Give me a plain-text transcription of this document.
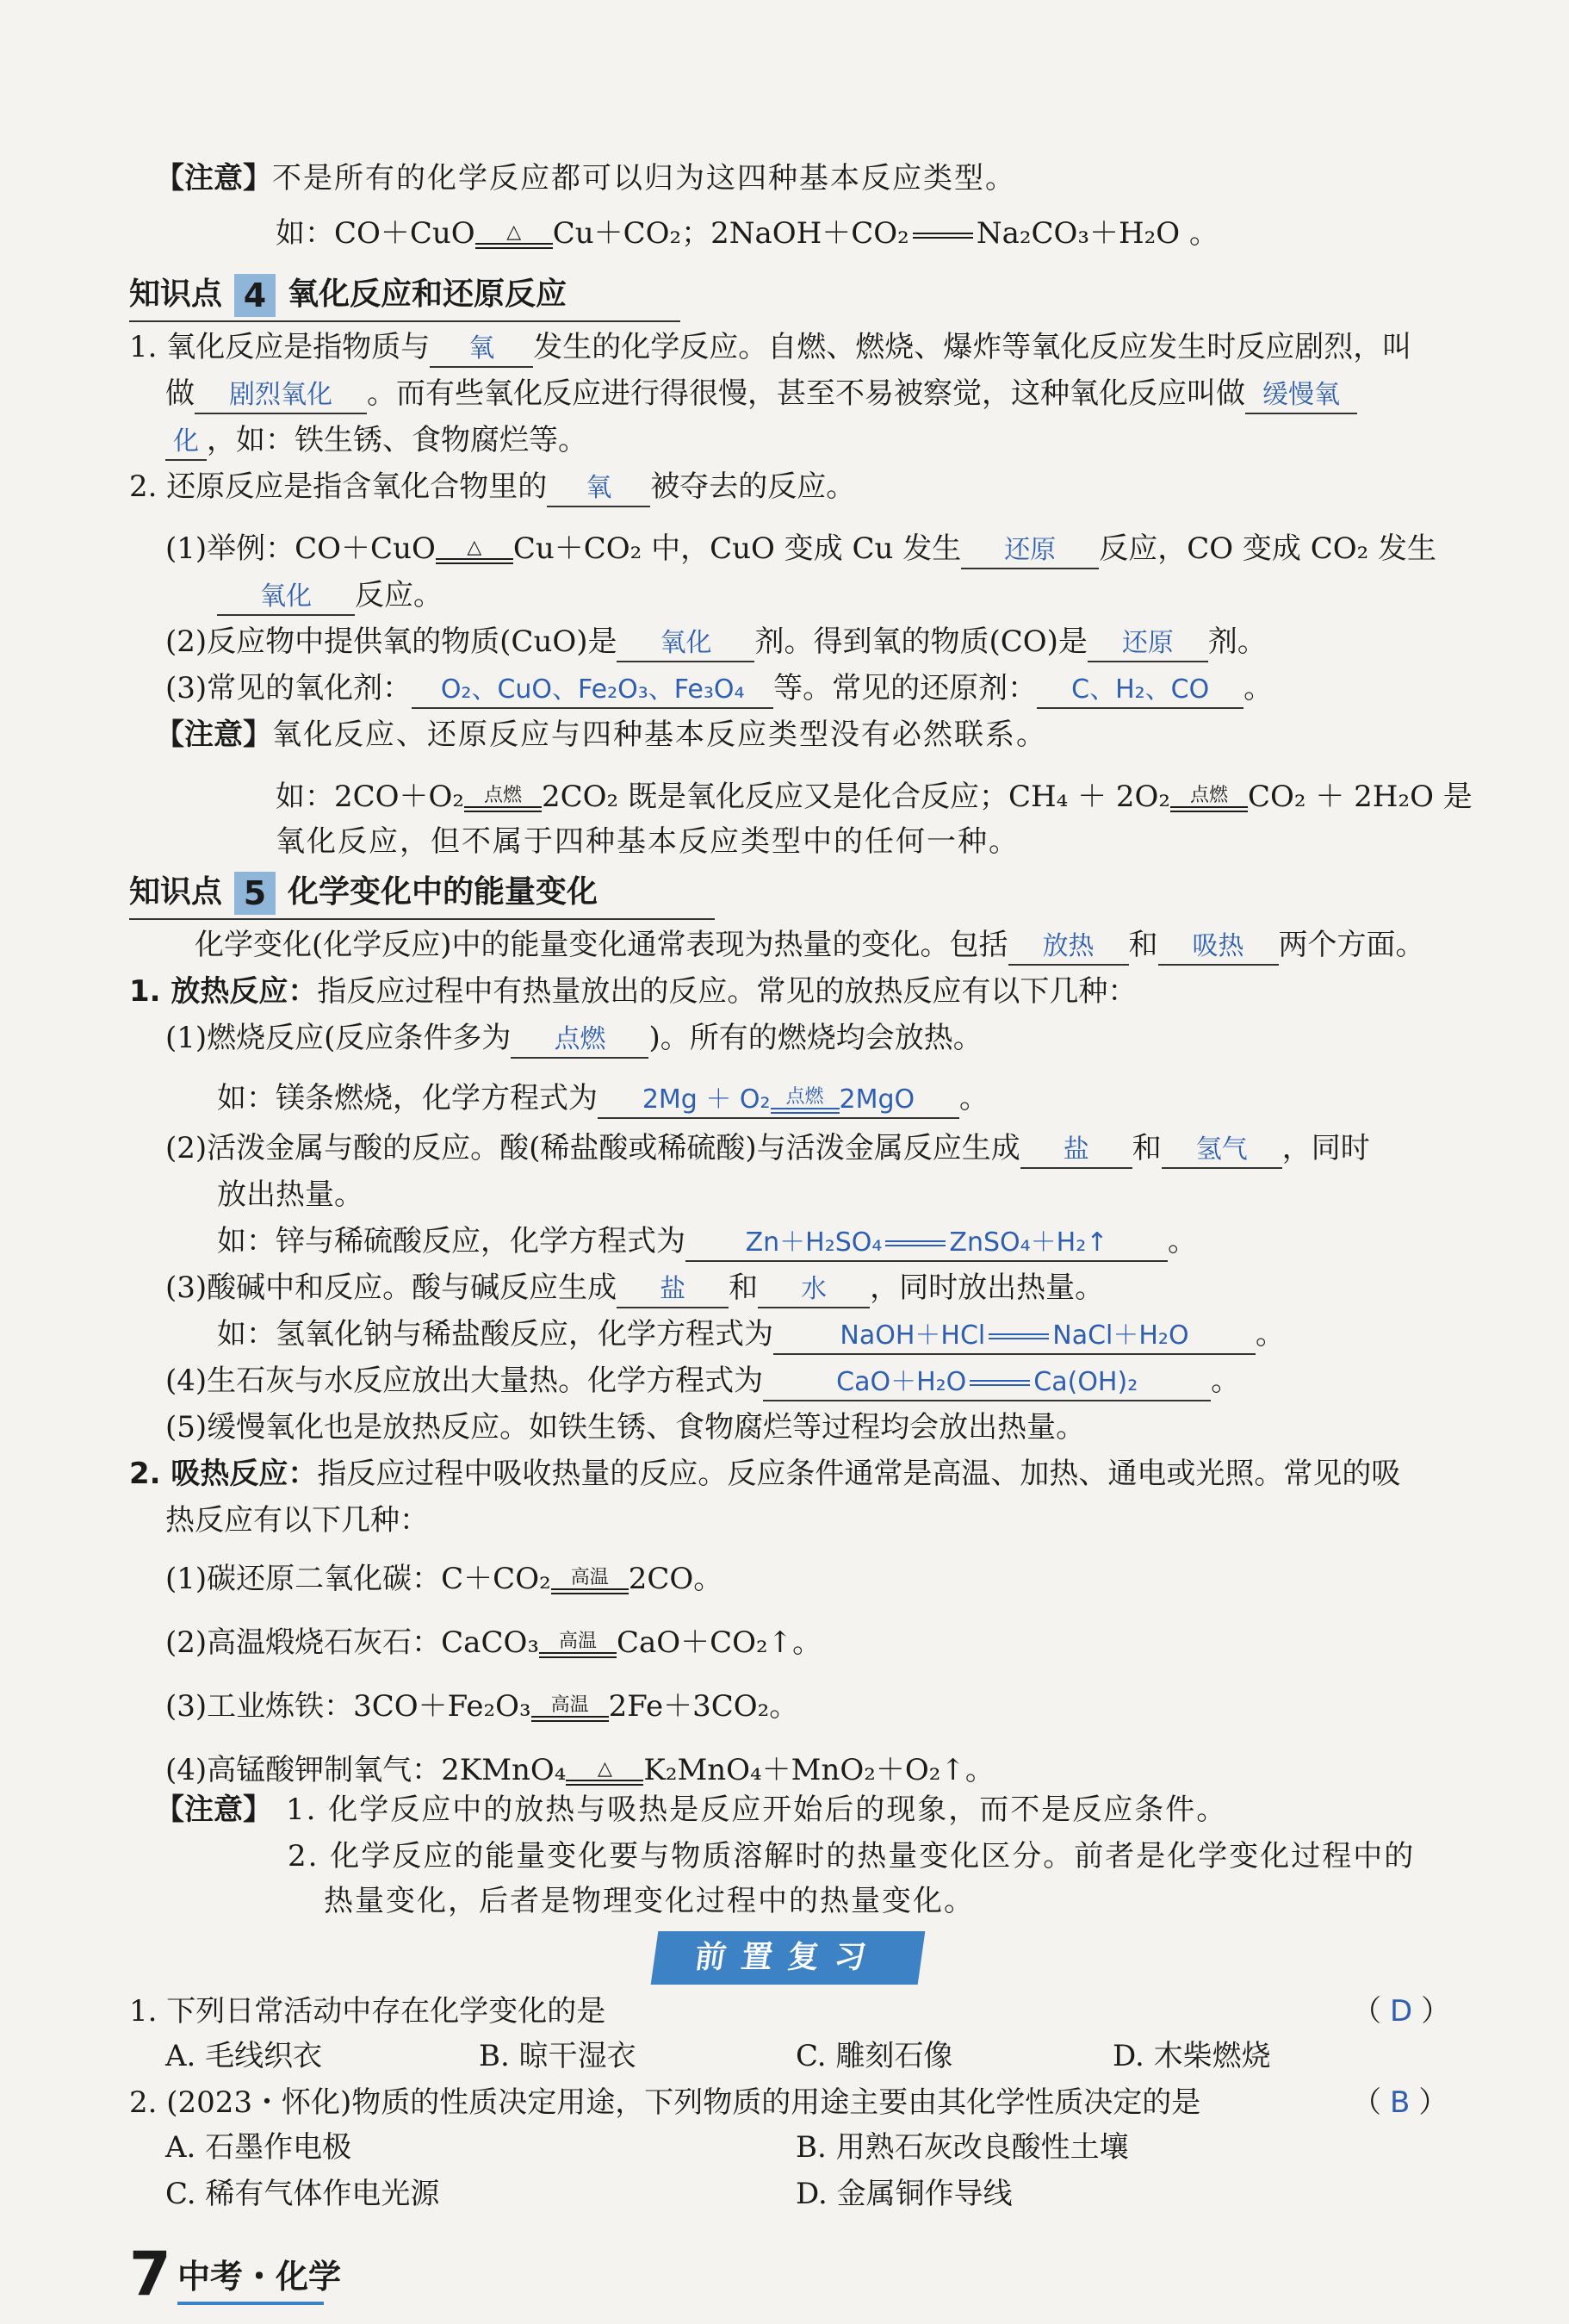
【注意】不是所有的化学反应都可以归为这四种基本反应类型。
如：CO＋CuO	△	Cu＋CO₂；2NaOH＋CO₂ Na₂CO₃＋H₂O 。
知识点 4 氧化反应和还原反应
1. 氧化反应是指物质与 氧 发生的化学反应。自燃、燃烧、爆炸等氧化反应发生时反应剧烈，叫
做 剧烈氧化 。而有些氧化反应进行得很慢，甚至不易被察觉，这种氧化反应叫做 缓慢氧
化 ，如：铁生锈、食物腐烂等。
2. 还原反应是指含氧化合物里的 氧 被夺去的反应。
(1)举例：CO＋CuO	△	Cu＋CO₂ 中，CuO 变成 Cu 发生 还原 反应，CO 变成 CO₂ 发生
氧化 反应。
(2)反应物中提供氧的物质(CuO)是 氧化 剂。得到氧的物质(CO)是 还原 剂。
(3)常见的氧化剂： O₂、CuO、Fe₂O₃、Fe₃O₄ 等。常见的还原剂： C、H₂、CO 。
【注意】氧化反应、还原反应与四种基本反应类型没有必然联系。
如：2CO＋O₂	点燃 2CO₂ 既是氧化反应又是化合反应；CH₄ ＋ 2O₂	点燃 CO₂ ＋ 2H₂O 是
氧化反应，但不属于四种基本反应类型中的任何一种。
知识点 5 化学变化中的能量变化
化学变化(化学反应)中的能量变化通常表现为热量的变化。包括 放热 和 吸热 两个方面。
1. 放热反应：指反应过程中有热量放出的反应。常见的放热反应有以下几种：
(1)燃烧反应(反应条件多为 点燃 )。所有的燃烧均会放热。
如：镁条燃烧，化学方程式为 2Mg ＋ O₂ 点燃 2MgO 。
(2)活泼金属与酸的反应。酸(稀盐酸或稀硫酸)与活泼金属反应生成 盐 和 氢气 ，同时
放出热量。
如：锌与稀硫酸反应，化学方程式为 Zn＋H₂SO₄	ZnSO₄＋H₂↑ 。
(3)酸碱中和反应。酸与碱反应生成 盐 和 水 ，同时放出热量。
如：氢氧化钠与稀盐酸反应，化学方程式为	NaOH＋HCl	NaCl＋H₂O 。
(4)生石灰与水反应放出大量热。化学方程式为	CaO＋H₂O	Ca(OH)₂ 。
(5)缓慢氧化也是放热反应。如铁生锈、食物腐烂等过程均会放出热量。
2. 吸热反应：指反应过程中吸收热量的反应。反应条件通常是高温、加热、通电或光照。常见的吸
热反应有以下几种：
(1)碳还原二氧化碳：C＋CO₂	高温 2CO。
(2)高温煅烧石灰石：CaCO₃	高温 CaO＋CO₂↑。
(3)工业炼铁：3CO＋Fe₂O₃	高温 2Fe＋3CO₂。
(4)高锰酸钾制氧气：2KMnO₄	△	K₂MnO₄＋MnO₂＋O₂↑。
【注意】 1. 化学反应中的放热与吸热是反应开始后的现象，而不是反应条件。
2. 化学反应的能量变化要与物质溶解时的热量变化区分。前者是化学变化过程中的
热量变化，后者是物理变化过程中的热量变化。
前置复习
1. 下列日常活动中存在化学变化的是	（ D ）
A. 毛线织衣	B. 晾干湿衣	C. 雕刻石像	D. 木柴燃烧
2. (2023・怀化)物质的性质决定用途，下列物质的用途主要由其化学性质决定的是	（ B ）
A. 石墨作电极	B. 用熟石灰改良酸性土壤
C. 稀有气体作电光源	D. 金属铜作导线
7 中考・化学
